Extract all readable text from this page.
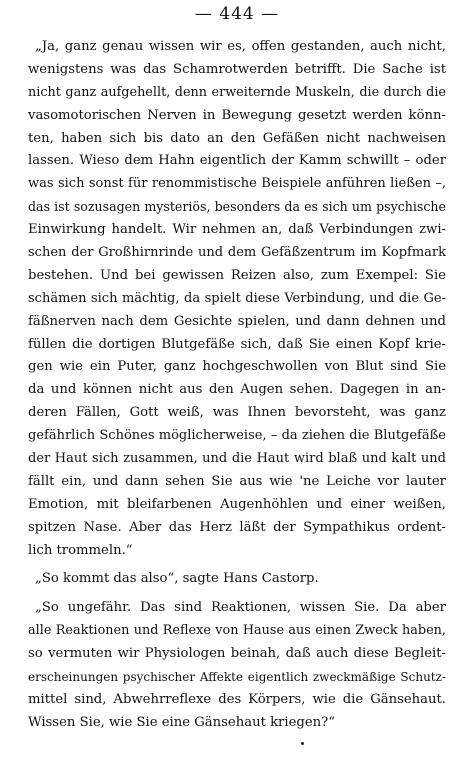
— 444 —
„Ja, ganz genau wissen wir es, offen gestanden, auch nicht,
wenigstens was das Schamrotwerden betrifft. Die Sache ist
nicht ganz aufgehellt, denn erweiternde Muskeln, die durch die
vasomotorischen Nerven in Bewegung gesetzt werden könn-
ten, haben sich bis dato an den Gefäßen nicht nachweisen
lassen. Wieso dem Hahn eigentlich der Kamm schwillt – oder
was sich sonst für renommistische Beispiele anführen ließen –,
das ist sozusagen mysteriös, besonders da es sich um psychische
Einwirkung handelt. Wir nehmen an, daß Verbindungen zwi-
schen der Großhirnrinde und dem Gefäßzentrum im Kopfmark
bestehen. Und bei gewissen Reizen also, zum Exempel: Sie
schämen sich mächtig, da spielt diese Verbindung, und die Ge-
fäßnerven nach dem Gesichte spielen, und dann dehnen und
füllen die dortigen Blutgefäße sich, daß Sie einen Kopf krie-
gen wie ein Puter, ganz hochgeschwollen von Blut sind Sie
da und können nicht aus den Augen sehen. Dagegen in an-
deren Fällen, Gott weiß, was Ihnen bevorsteht, was ganz
gefährlich Schönes möglicherweise, – da ziehen die Blutgefäße
der Haut sich zusammen, und die Haut wird blaß und kalt und
fällt ein, und dann sehen Sie aus wie 'ne Leiche vor lauter
Emotion, mit bleifarbenen Augenhöhlen und einer weißen,
spitzen Nase. Aber das Herz läßt der Sympathikus ordent-
lich trommeln.“
„So kommt das also“, sagte Hans Castorp.
„So ungefähr. Das sind Reaktionen, wissen Sie. Da aber
alle Reaktionen und Reflexe von Hause aus einen Zweck haben,
so vermuten wir Physiologen beinah, daß auch diese Begleit-
erscheinungen psychischer Affekte eigentlich zweckmäßige Schutz-
mittel sind, Abwehrreflexe des Körpers, wie die Gänsehaut.
Wissen Sie, wie Sie eine Gänsehaut kriegen?“
